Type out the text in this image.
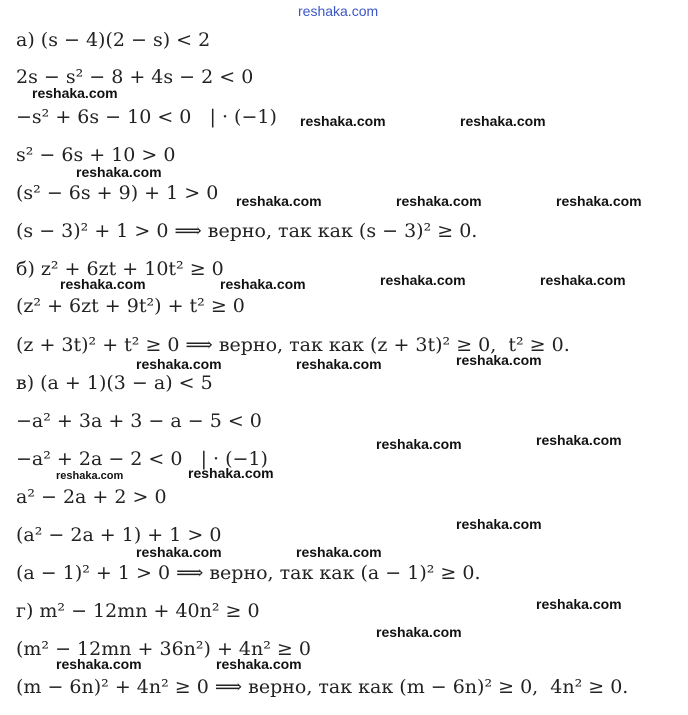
reshaka.com
а) (s − 4)(2 − s) < 2
2s − s² − 8 + 4s − 2 < 0
reshaka.com
−s² + 6s − 10 < 0   | · (−1) reshaka.com	reshaka.com
s² − 6s + 10 > 0
reshaka.com
(s² − 6s + 9) + 1 > 0 reshaka.com	reshaka.com	reshaka.com
(s − 3)² + 1 > 0 ⟹ верно, так как (s − 3)² ≥ 0.
б) z² + 6zt + 10t² ≥ 0
reshaka.com	reshaka.com	reshaka.com	reshaka.com
(z² + 6zt + 9t²) + t² ≥ 0
(z + 3t)² + t² ≥ 0 ⟹ верно, так как (z + 3t)² ≥ 0,  t² ≥ 0.
reshaka.com	reshaka.com	reshaka.com
в) (a + 1)(3 − a) < 5
−a² + 3a + 3 − a − 5 < 0
reshaka.com	reshaka.com
−a² + 2a − 2 < 0   | · (−1)
reshaka.com	reshaka.com
a² − 2a + 2 > 0
reshaka.com
(a² − 2a + 1) + 1 > 0
reshaka.com	reshaka.com
(a − 1)² + 1 > 0 ⟹ верно, так как (a − 1)² ≥ 0.
г) m² − 12mn + 40n² ≥ 0	reshaka.com
reshaka.com
(m² − 12mn + 36n²) + 4n² ≥ 0
reshaka.com	reshaka.com
(m − 6n)² + 4n² ≥ 0 ⟹ верно, так как (m − 6n)² ≥ 0,  4n² ≥ 0.
